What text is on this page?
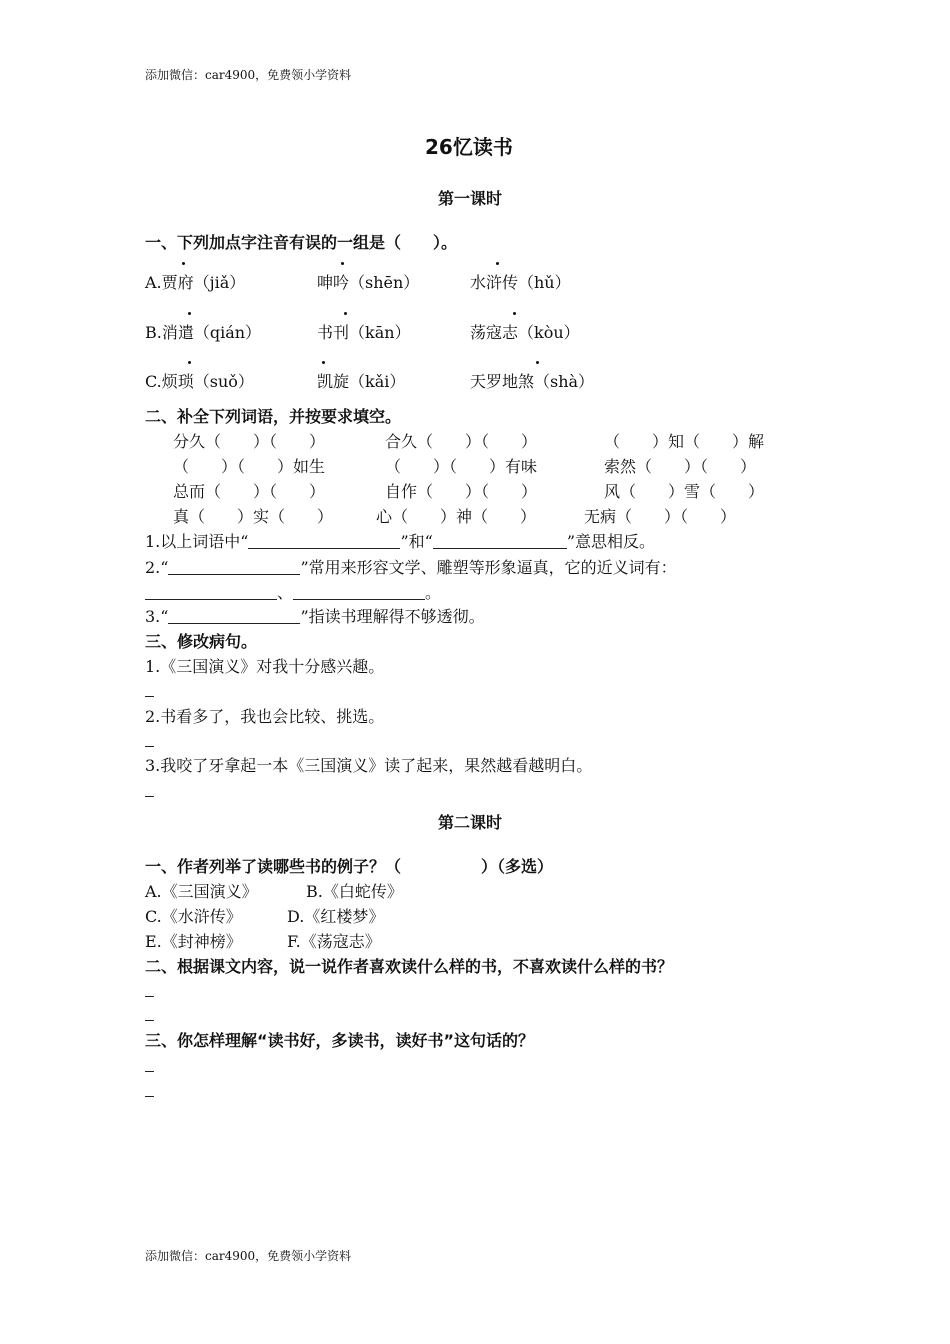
添加微信：car4900，免费领小学资料
26忆读书
第一课时
一、下列加点字注音有误的一组是（　　）。
A.贾府（jiǎ）	呻吟（shēn）	水浒传（hǔ）
B.消遣（qián）	书刊（kān）	荡寇志（kòu）
C.烦琐（suǒ）	凯旋（kǎi）	天罗地煞（shà）
二、补全下列词语，并按要求填空。
分久（　　）（　　）	合久（　　）（　　）	（　　）知（　　）解
（　　）（　　）如生	（　　）（　　）有味	索然（　　）（　　）
总而（　　）（　　）	自作（　　）（　　）	风（　　）雪（　　）
真（　　）实（　　）	心（　　）神（　　）	无病（　　）（　　）
1.以上词语中“	”和“	”意思相反。
2.“	”常用来形容文学、雕塑等形象逼真，它的近义词有：
、	。
3.“	”指读书理解得不够透彻。
三、修改病句。
1.《三国演义》对我十分感兴趣。
2.书看多了，我也会比较、挑选。
3.我咬了牙拿起一本《三国演义》读了起来，果然越看越明白。
第二课时
一、作者列举了读哪些书的例子？（　　　　　）（多选）
A.《三国演义》	B.《白蛇传》
C.《水浒传》	D.《红楼梦》
E.《封神榜》	F.《荡寇志》
二、根据课文内容，说一说作者喜欢读什么样的书，不喜欢读什么样的书？
三、你怎样理解“读书好，多读书，读好书”这句话的？
添加微信：car4900，免费领小学资料
